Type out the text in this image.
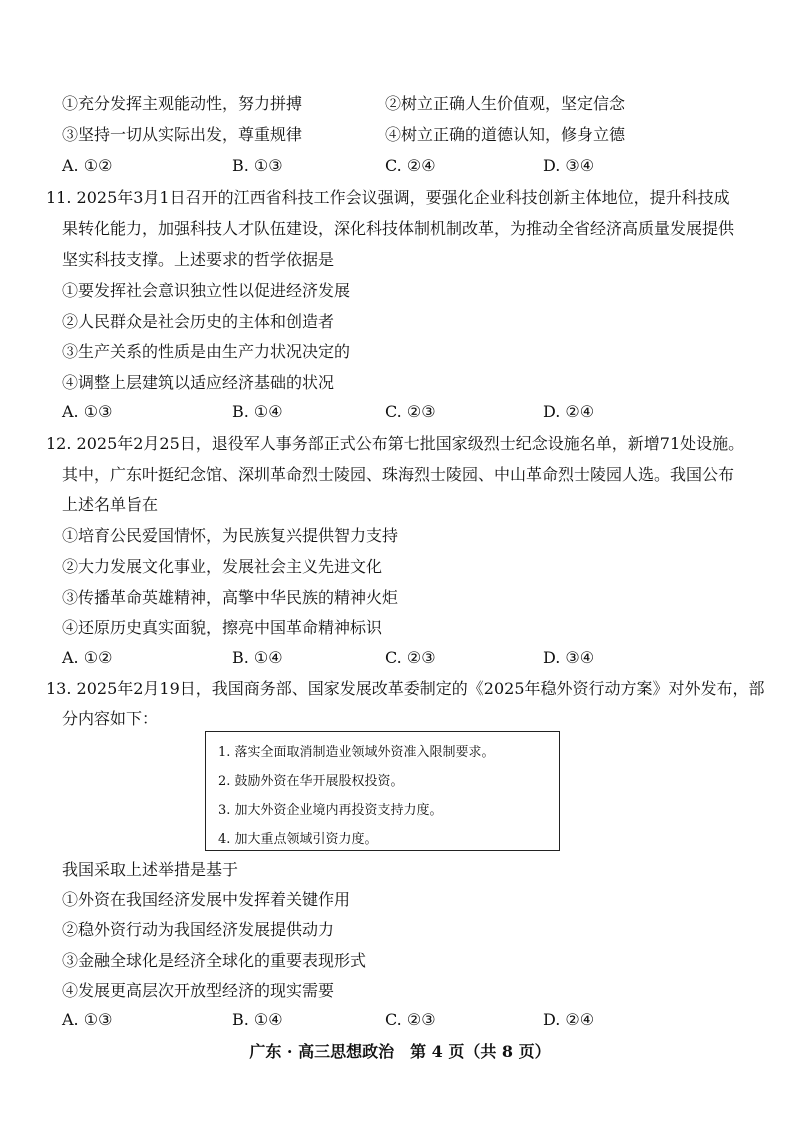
①充分发挥主观能动性，努力拼搏	②树立正确人生价值观，坚定信念
③坚持一切从实际出发，尊重规律	④树立正确的道德认知，修身立德
A. ①②	B. ①③	C. ②④	D. ③④
11. 2025年3月1日召开的江西省科技工作会议强调，要强化企业科技创新主体地位，提升科技成
果转化能力，加强科技人才队伍建设，深化科技体制机制改革，为推动全省经济高质量发展提供
坚实科技支撑。上述要求的哲学依据是
①要发挥社会意识独立性以促进经济发展
②人民群众是社会历史的主体和创造者
③生产关系的性质是由生产力状况决定的
④调整上层建筑以适应经济基础的状况
A. ①③	B. ①④	C. ②③	D. ②④
12. 2025年2月25日，退役军人事务部正式公布第七批国家级烈士纪念设施名单，新增71处设施。
其中，广东叶挺纪念馆、深圳革命烈士陵园、珠海烈士陵园、中山革命烈士陵园人选。我国公布
上述名单旨在
①培育公民爱国情怀，为民族复兴提供智力支持
②大力发展文化事业，发展社会主义先进文化
③传播革命英雄精神，高擎中华民族的精神火炬
④还原历史真实面貌，擦亮中国革命精神标识
A. ①②	B. ①④	C. ②③	D. ③④
13. 2025年2月19日，我国商务部、国家发展改革委制定的《2025年稳外资行动方案》对外发布，部
分内容如下：
1. 落实全面取消制造业领域外资准入限制要求。
2. 鼓励外资在华开展股权投资。
3. 加大外资企业境内再投资支持力度。
4. 加大重点领域引资力度。
我国采取上述举措是基于
①外资在我国经济发展中发挥着关键作用
②稳外资行动为我国经济发展提供动力
③金融全球化是经济全球化的重要表现形式
④发展更高层次开放型经济的现实需要
A. ①③	B. ①④	C. ②③	D. ②④
广东 · 高三思想政治　第 4 页（共 8 页）
